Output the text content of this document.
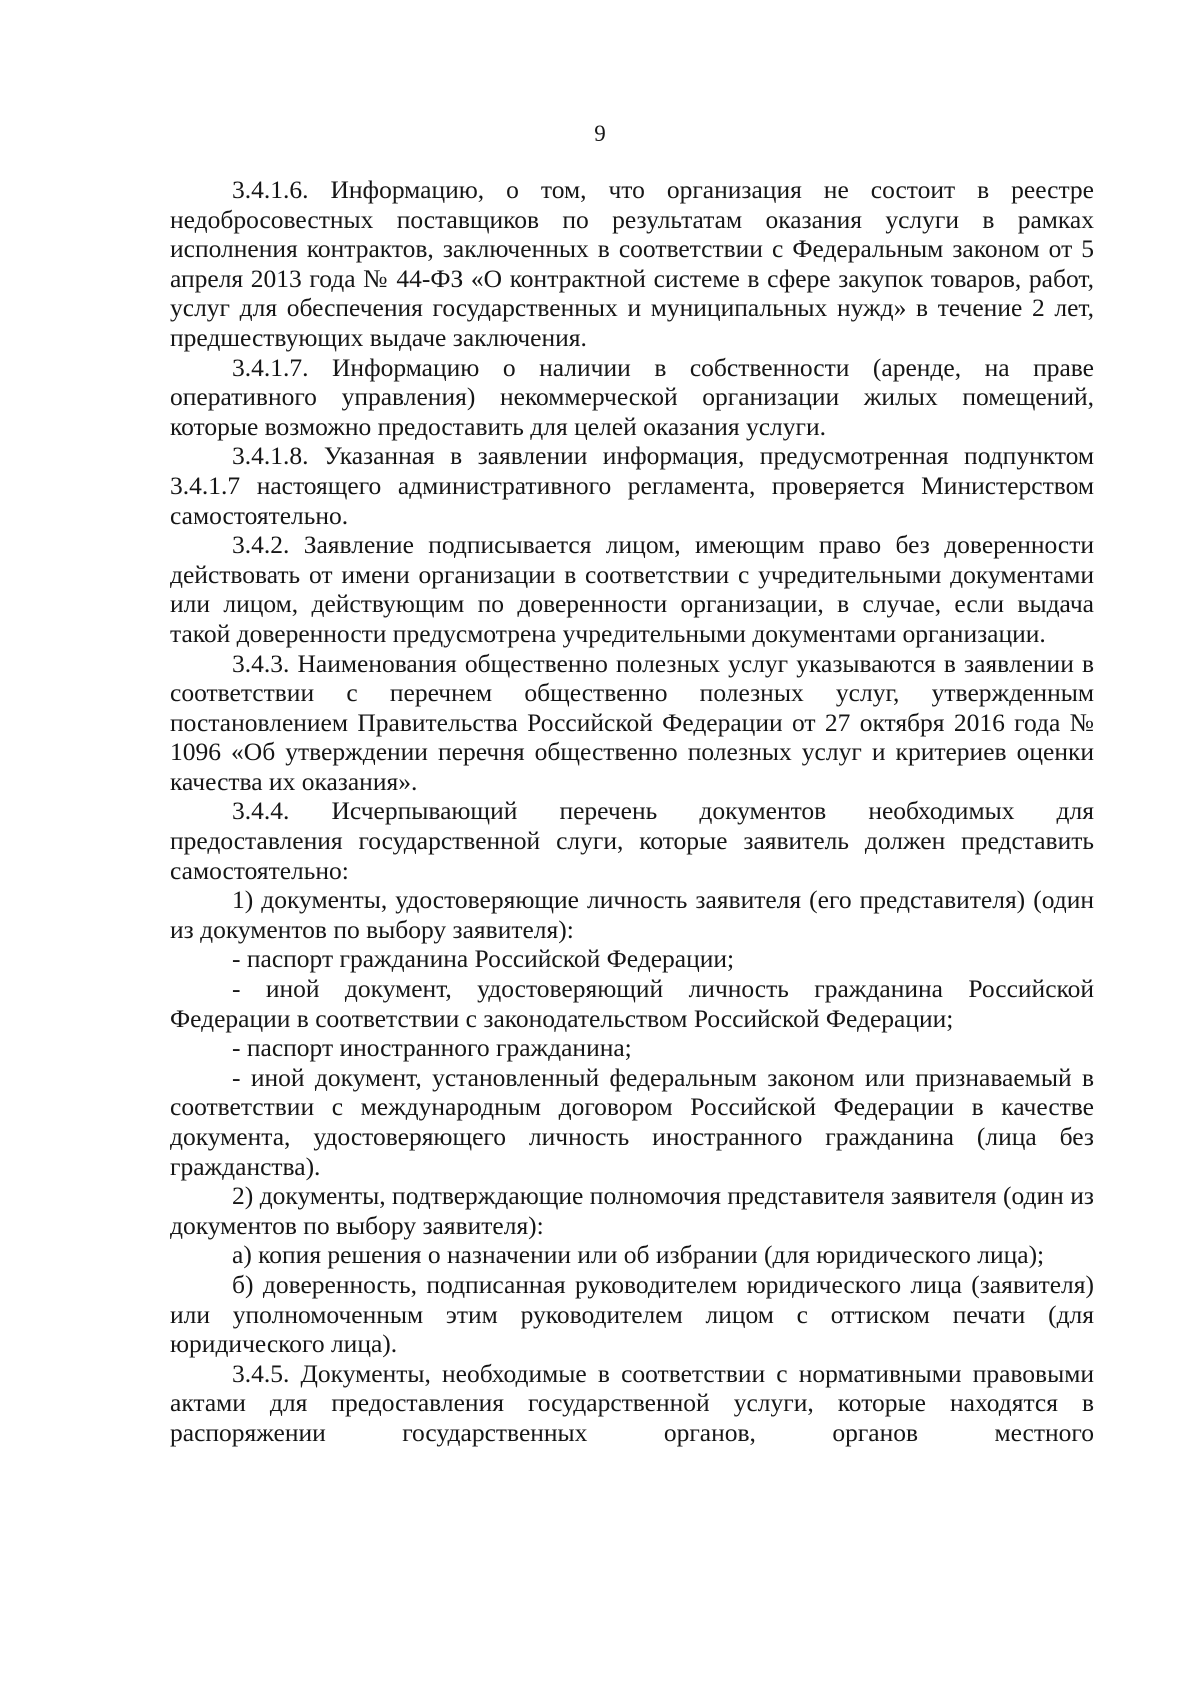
9

3.4.1.6. Информацию, о том, что организация не состоит в реестре недобросовестных поставщиков по результатам оказания услуги в рамках исполнения контрактов, заключенных в соответствии с Федеральным законом от 5 апреля 2013 года № 44-ФЗ «О контрактной системе в сфере закупок товаров, работ, услуг для обеспечения государственных и муниципальных нужд» в течение 2 лет, предшествующих выдаче заключения.

3.4.1.7. Информацию о наличии в собственности (аренде, на праве оперативного управления) некоммерческой организации жилых помещений, которые возможно предоставить для целей оказания услуги.

3.4.1.8. Указанная в заявлении информация, предусмотренная подпунктом 3.4.1.7 настоящего административного регламента, проверяется Министерством самостоятельно.

3.4.2. Заявление подписывается лицом, имеющим право без доверенности действовать от имени организации в соответствии с учредительными документами или лицом, действующим по доверенности организации, в случае, если выдача такой доверенности предусмотрена учредительными документами организации.

3.4.3. Наименования общественно полезных услуг указываются в заявлении в соответствии с перечнем общественно полезных услуг, утвержденным постановлением Правительства Российской Федерации от 27 октября 2016 года № 1096 «Об утверждении перечня общественно полезных услуг и критериев оценки качества их оказания».

3.4.4. Исчерпывающий перечень документов необходимых для предоставления государственной слуги, которые заявитель должен представить самостоятельно:

1) документы, удостоверяющие личность заявителя (его представителя) (один из документов по выбору заявителя):

- паспорт гражданина Российской Федерации;

- иной документ, удостоверяющий личность гражданина Российской Федерации в соответствии с законодательством Российской Федерации;

- паспорт иностранного гражданина;

- иной документ, установленный федеральным законом или признаваемый в соответствии с международным договором Российской Федерации в качестве документа, удостоверяющего личность иностранного гражданина (лица без гражданства).

2) документы, подтверждающие полномочия представителя заявителя (один из документов по выбору заявителя):

а) копия решения о назначении или об избрании (для юридического лица);

б) доверенность, подписанная руководителем юридического лица (заявителя) или уполномоченным этим руководителем лицом с оттиском печати (для юридического лица).

3.4.5. Документы, необходимые в соответствии с нормативными правовыми актами для предоставления государственной услуги, которые находятся в распоряжении государственных органов, органов местного
